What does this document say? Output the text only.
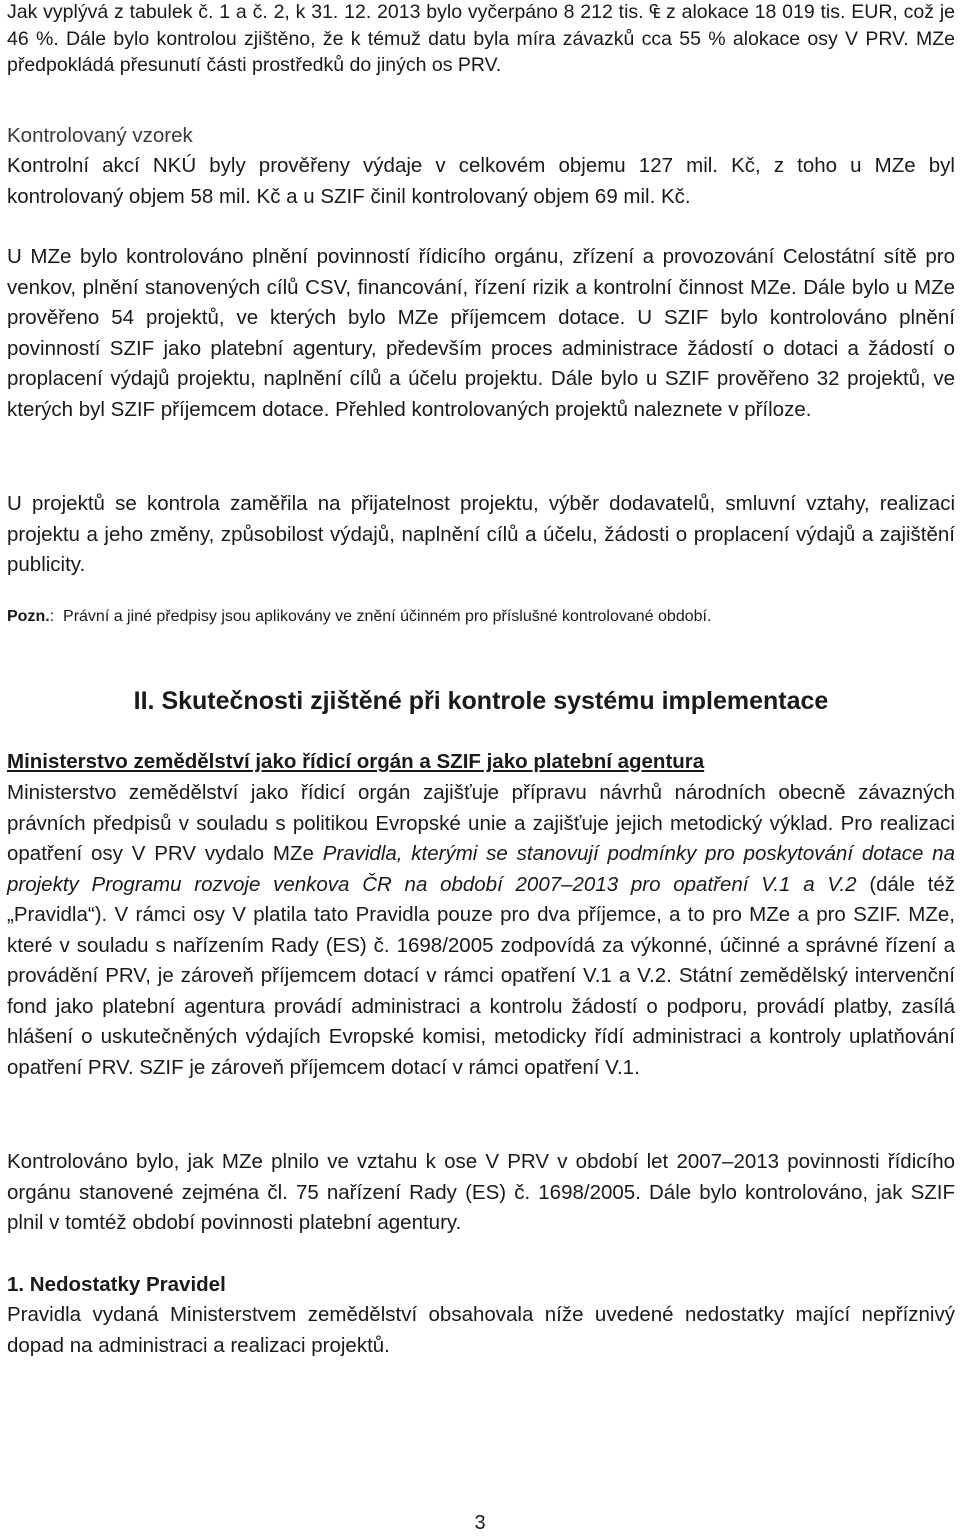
Jak vyplývá z tabulek č. 1 a č. 2, k 31. 12. 2013 bylo vyčerpáno 8 212 tis. ₠ z alokace 18 019 tis. EUR, což je 46 %. Dále bylo kontrolou zjištěno, že k témuž datu byla míra závazků cca 55 % alokace osy V PRV. MZe předpokládá přesunutí části prostředků do jiných os PRV.

Kontrolovaný vzorek

Kontrolní akcí NKÚ byly prověřeny výdaje v celkovém objemu 127 mil. Kč, z toho u MZe byl kontrolovaný objem 58 mil. Kč a u SZIF činil kontrolovaný objem 69 mil. Kč.

U MZe bylo kontrolováno plnění povinností řídicího orgánu, zřízení a provozování Celostátní sítě pro venkov, plnění stanovených cílů CSV, financování, řízení rizik a kontrolní činnost MZe. Dále bylo u MZe prověřeno 54 projektů, ve kterých bylo MZe příjemcem dotace. U SZIF bylo kontrolováno plnění povinností SZIF jako platební agentury, především proces administrace žádostí o dotaci a žádostí o proplacení výdajů projektu, naplnění cílů a účelu projektu. Dále bylo u SZIF prověřeno 32 projektů, ve kterých byl SZIF příjemcem dotace. Přehled kontrolovaných projektů naleznete v příloze.

U projektů se kontrola zaměřila na přijatelnost projektu, výběr dodavatelů, smluvní vztahy, realizaci projektu a jeho změny, způsobilost výdajů, naplnění cílů a účelu, žádosti o proplacení výdajů a zajištění publicity.

Pozn.: Právní a jiné předpisy jsou aplikovány ve znění účinném pro příslušné kontrolované období.
II. Skutečnosti zjištěné při kontrole systému implementace
Ministerstvo zemědělství jako řídicí orgán a SZIF jako platební agentura

Ministerstvo zemědělství jako řídicí orgán zajišťuje přípravu návrhů národních obecně závazných právních předpisů v souladu s politikou Evropské unie a zajišťuje jejich metodický výklad. Pro realizaci opatření osy V PRV vydalo MZe Pravidla, kterými se stanovují podmínky pro poskytování dotace na projekty Programu rozvoje venkova ČR na období 2007–2013 pro opatření V.1 a V.2 (dále též „Pravidla“). V rámci osy V platila tato Pravidla pouze pro dva příjemce, a to pro MZe a pro SZIF. MZe, které v souladu s nařízením Rady (ES) č. 1698/2005 zodpovídá za výkonné, účinné a správné řízení a provádění PRV, je zároveň příjemcem dotací v rámci opatření V.1 a V.2. Státní zemědělský intervenční fond jako platební agentura provádí administraci a kontrolu žádostí o podporu, provádí platby, zasílá hlášení o uskutečněných výdajích Evropské komisi, metodicky řídí administraci a kontroly uplatňování opatření PRV. SZIF je zároveň příjemcem dotací v rámci opatření V.1.

Kontrolováno bylo, jak MZe plnilo ve vztahu k ose V PRV v období let 2007–2013 povinnosti řídicího orgánu stanovené zejména čl. 75 nařízení Rady (ES) č. 1698/2005. Dále bylo kontrolováno, jak SZIF plnil v tomtéž období povinnosti platební agentury.

1. Nedostatky Pravidel

Pravidla vydaná Ministerstvem zemědělství obsahovala níže uvedené nedostatky mající nepříznivý dopad na administraci a realizaci projektů.

3
